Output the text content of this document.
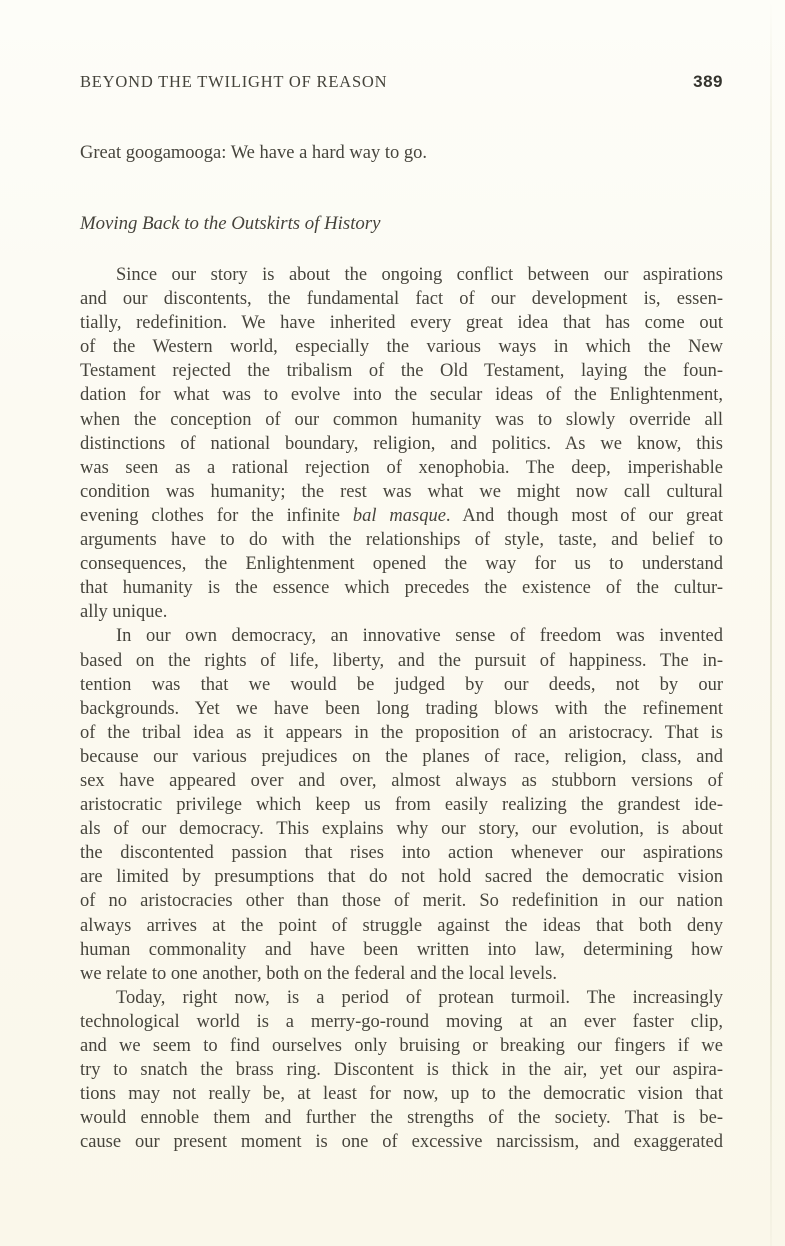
BEYOND THE TWILIGHT OF REASON	389
Great googamooga: We have a hard way to go.
Moving Back to the Outskirts of History
Since our story is about the ongoing conflict between our aspirations
and our discontents, the fundamental fact of our development is, essen-
tially, redefinition. We have inherited every great idea that has come out
of the Western world, especially the various ways in which the New
Testament rejected the tribalism of the Old Testament, laying the foun-
dation for what was to evolve into the secular ideas of the Enlightenment,
when the conception of our common humanity was to slowly override all
distinctions of national boundary, religion, and politics. As we know, this
was seen as a rational rejection of xenophobia. The deep, imperishable
condition was humanity; the rest was what we might now call cultural
evening clothes for the infinite bal masque. And though most of our great
arguments have to do with the relationships of style, taste, and belief to
consequences, the Enlightenment opened the way for us to understand
that humanity is the essence which precedes the existence of the cultur-
ally unique.
In our own democracy, an innovative sense of freedom was invented
based on the rights of life, liberty, and the pursuit of happiness. The in-
tention was that we would be judged by our deeds, not by our
backgrounds. Yet we have been long trading blows with the refinement
of the tribal idea as it appears in the proposition of an aristocracy. That is
because our various prejudices on the planes of race, religion, class, and
sex have appeared over and over, almost always as stubborn versions of
aristocratic privilege which keep us from easily realizing the grandest ide-
als of our democracy. This explains why our story, our evolution, is about
the discontented passion that rises into action whenever our aspirations
are limited by presumptions that do not hold sacred the democratic vision
of no aristocracies other than those of merit. So redefinition in our nation
always arrives at the point of struggle against the ideas that both deny
human commonality and have been written into law, determining how
we relate to one another, both on the federal and the local levels.
Today, right now, is a period of protean turmoil. The increasingly
technological world is a merry-go-round moving at an ever faster clip,
and we seem to find ourselves only bruising or breaking our fingers if we
try to snatch the brass ring. Discontent is thick in the air, yet our aspira-
tions may not really be, at least for now, up to the democratic vision that
would ennoble them and further the strengths of the society. That is be-
cause our present moment is one of excessive narcissism, and exaggerated
